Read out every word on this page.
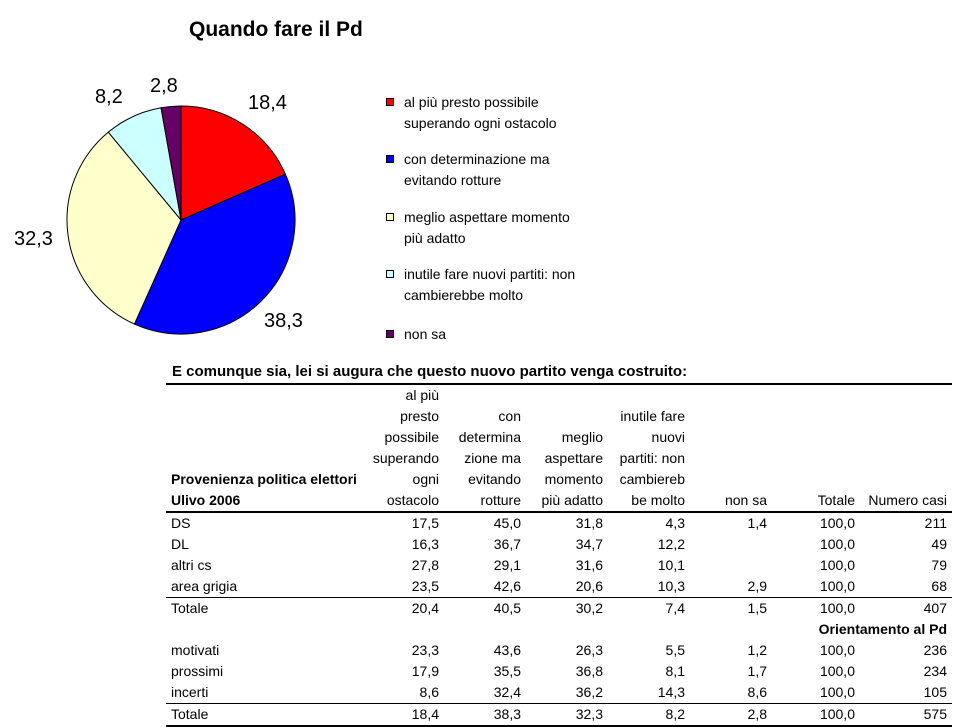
Quando fare il Pd
18,4
38,3
32,3
8,2 2,8
al più presto possibile superando ogni ostacolo
con determinazione ma evitando rotture
meglio aspettare momento più adatto
inutile fare nuovi partiti: non cambierebbe molto
non sa
E comunque sia, lei si augura che questo nuovo partito venga costruito:
Provenienza politica elettori Ulivo 2006	al più presto possibile superando ogni ostacolo	con determina zione ma evitando rotture	meglio aspettare momento più adatto	inutile fare nuovi partiti: non cambiereb be molto	non sa	Totale	Numero casi
DS	17,5	45,0	31,8	4,3	1,4	100,0	211
DL	16,3	36,7	34,7	12,2		100,0	49
altri cs	27,8	29,1	31,6	10,1		100,0	79
area grigia	23,5	42,6	20,6	10,3	2,9	100,0	68
Totale	20,4	40,5	30,2	7,4	1,5	100,0	407
Orientamento al Pd							
motivati	23,3	43,6	26,3	5,5	1,2	100,0	236
prossimi	17,9	35,5	36,8	8,1	1,7	100,0	234
incerti	8,6	32,4	36,2	14,3	8,6	100,0	105
Totale	18,4	38,3	32,3	8,2	2,8	100,0	575
